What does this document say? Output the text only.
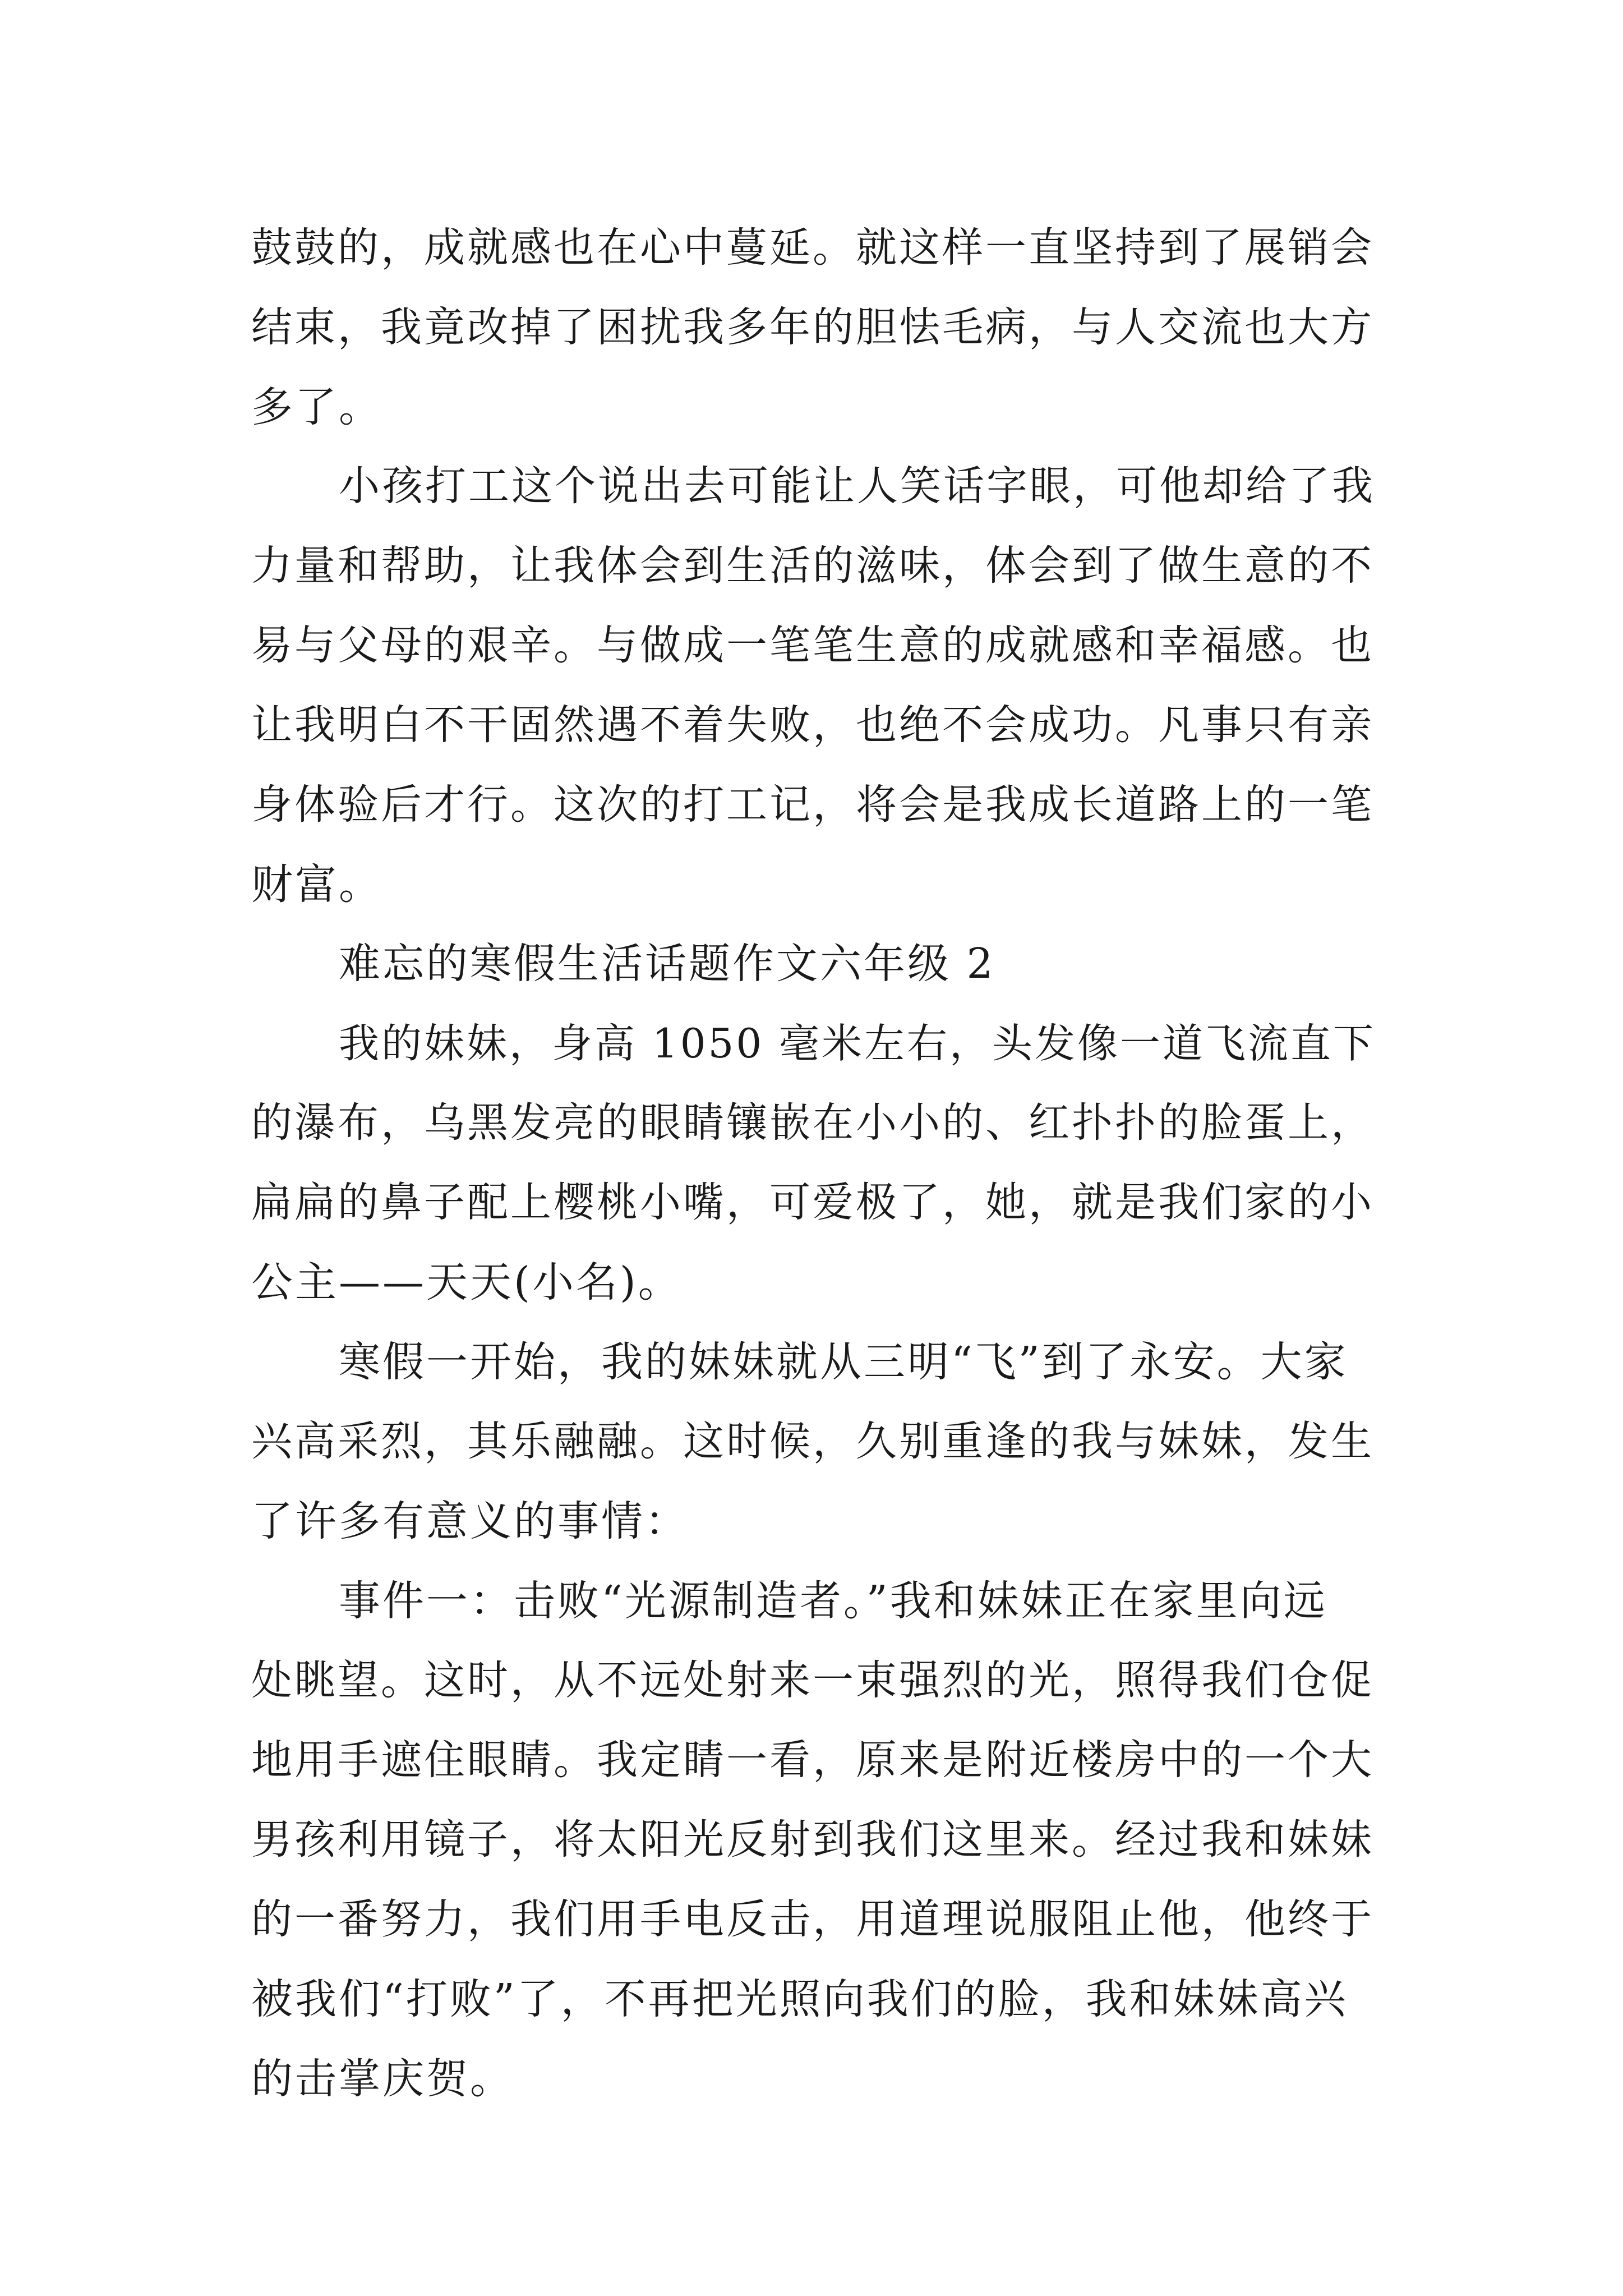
鼓鼓的，成就感也在心中蔓延。就这样一直坚持到了展销会
结束，我竟改掉了困扰我多年的胆怯毛病，与人交流也大方
多了。
小孩打工这个说出去可能让人笑话字眼，可他却给了我
力量和帮助，让我体会到生活的滋味，体会到了做生意的不
易与父母的艰辛。与做成一笔笔生意的成就感和幸福感。也
让我明白不干固然遇不着失败，也绝不会成功。凡事只有亲
身体验后才行。这次的打工记，将会是我成长道路上的一笔
财富。
难忘的寒假生活话题作文六年级 2
我的妹妹，身高 1050 毫米左右，头发像一道飞流直下
的瀑布，乌黑发亮的眼睛镶嵌在小小的、红扑扑的脸蛋上，
扁扁的鼻子配上樱桃小嘴，可爱极了，她，就是我们家的小
公主——天天(小名)。
寒假一开始，我的妹妹就从三明“飞”到了永安。大家
兴高采烈，其乐融融。这时候，久别重逢的我与妹妹，发生
了许多有意义的事情：
事件一：击败“光源制造者。”我和妹妹正在家里向远
处眺望。这时，从不远处射来一束强烈的光，照得我们仓促
地用手遮住眼睛。我定睛一看，原来是附近楼房中的一个大
男孩利用镜子，将太阳光反射到我们这里来。经过我和妹妹
的一番努力，我们用手电反击，用道理说服阻止他，他终于
被我们“打败”了，不再把光照向我们的脸，我和妹妹高兴
的击掌庆贺。
